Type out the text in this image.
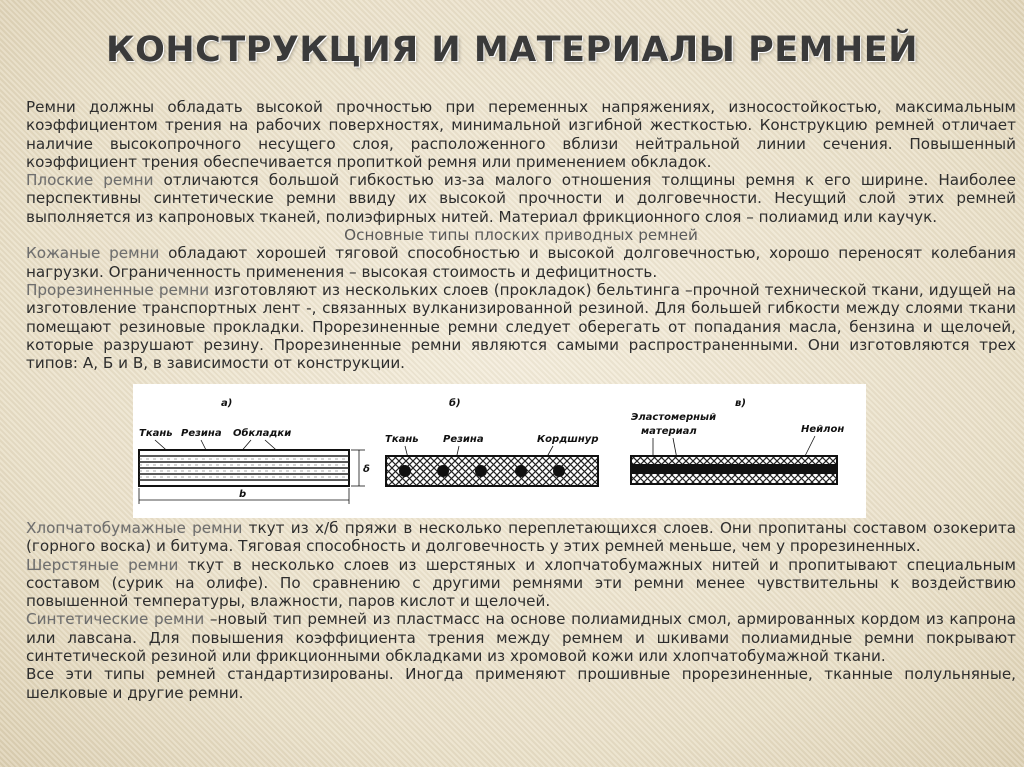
КОНСТРУКЦИЯ И МАТЕРИАЛЫ РЕМНЕЙ

Ремни должны обладать высокой прочностью при переменных напряжениях, износостойкостью, максимальным коэффициентом трения на рабочих поверхностях, минимальной изгибной жесткостью. Конструкцию ремней отличает наличие высокопрочного несущего слоя, расположенного вблизи нейтральной линии сечения. Повышенный коэффициент трения обеспечивается пропиткой ремня или применением обкладок.

Плоские ремни отличаются большой гибкостью из-за малого отношения толщины ремня к его ширине. Наиболее перспективны синтетические ремни ввиду их высокой прочности и долговечности. Несущий слой этих ремней выполняется из капроновых тканей, полиэфирных нитей. Материал фрикционного слоя – полиамид или каучук.

Основные типы плоских приводных ремней

Кожаные ремни обладают хорошей тяговой способностью и высокой долговечностью, хорошо переносят колебания нагрузки. Ограниченность применения – высокая стоимость и дефицитность.

Прорезиненные ремни изготовляют из нескольких слоев (прокладок) бельтинга –прочной технической ткани, идущей на изготовление транспортных лент -, связанных вулканизированной резиной. Для большей гибкости между слоями ткани помещают резиновые прокладки. Прорезиненные ремни следует оберегать от попадания масла, бензина и щелочей, которые разрушают резину. Прорезиненные ремни являются самыми распространенными. Они изготовляются трех типов: А, Б и В, в зависимости от конструкции.

а)
Ткань Резина Обкладки
δ
b
б)
Ткань Резина	Кордшнур
в)
Эластомерный
материал	Нейлон

Хлопчатобумажные ремни ткут из х/б пряжи в несколько переплетающихся слоев. Они пропитаны составом озокерита (горного воска) и битума. Тяговая способность и долговечность у этих ремней меньше, чем у прорезиненных.

Шерстяные ремни ткут в несколько слоев из шерстяных и хлопчатобумажных нитей и пропитывают специальным составом (сурик на олифе). По сравнению с другими ремнями эти ремни менее чувствительны к воздействию повышенной температуры, влажности, паров кислот и щелочей.

Синтетические ремни –новый тип ремней из пластмасс на основе полиамидных смол, армированных кордом из капрона или лавсана. Для повышения коэффициента трения между ремнем и шкивами полиамидные ремни покрывают синтетической резиной или фрикционными обкладками из хромовой кожи или хлопчатобумажной ткани.

Все эти типы ремней стандартизированы. Иногда применяют прошивные прорезиненные, тканные полульняные, шелковые и другие ремни.
